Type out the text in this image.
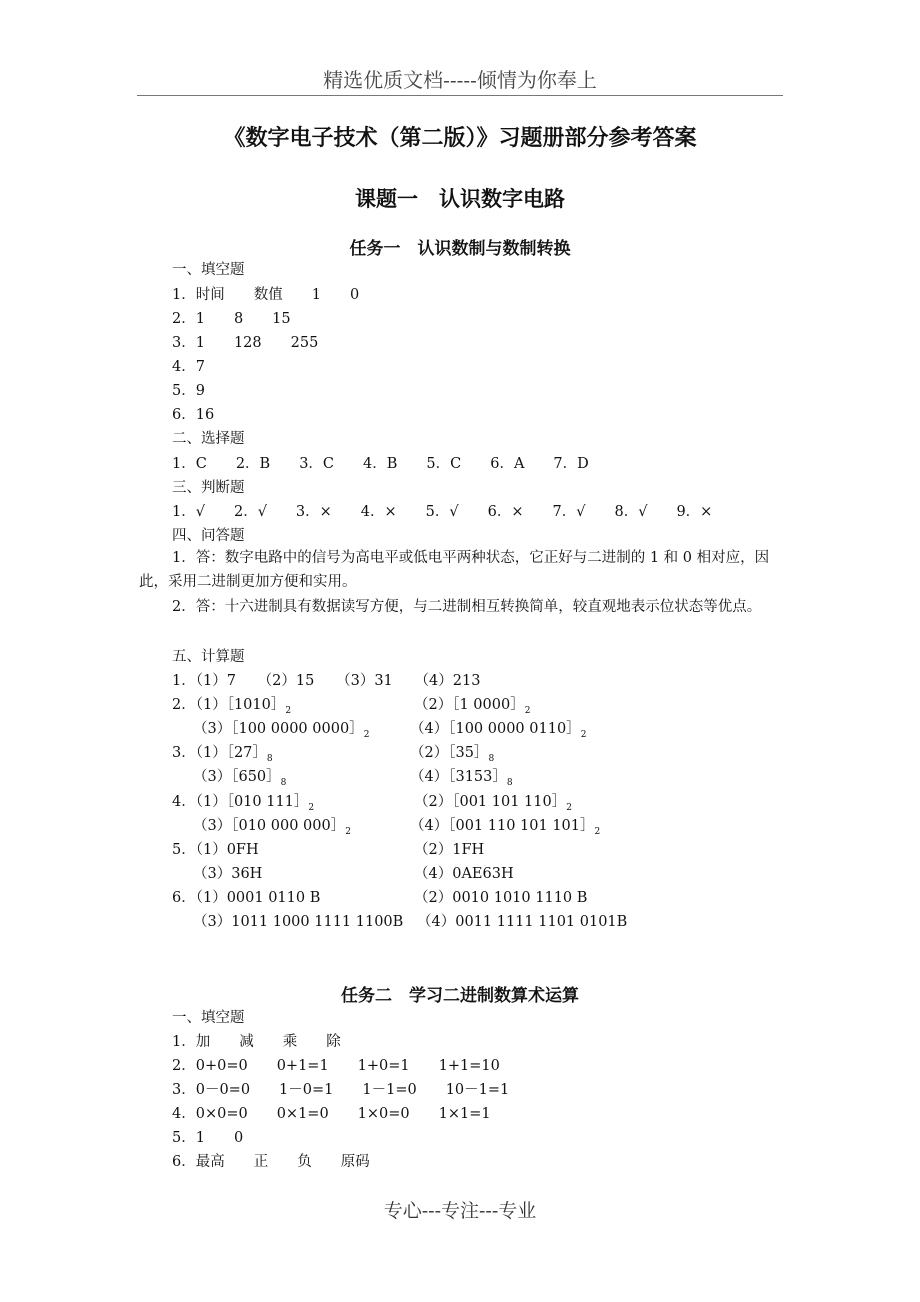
精选优质文档-----倾情为你奉上
《数字电子技术（第二版）》习题册部分参考答案
课题一　认识数字电路
任务一　认识数制与数制转换
一、填空题
1．时间　　数值　　1　　0
2．1　　8　　15
3．1　　128　　255
4．7
5．9
6．16
二、选择题
1．C　　2．B　　3．C　　4．B　　5．C　　6．A　　7．D
三、判断题
1．√　　2．√　　3．×　　4．×　　5．√　　6．×　　7．√　　8．√　　9．×
四、问答题
1．答：数字电路中的信号为高电平或低电平两种状态，它正好与二进制的 1 和 0 相对应，因此，采用二进制更加方便和实用。
2．答：十六进制具有数据读写方便，与二进制相互转换简单，较直观地表示位状态等优点。
五、计算题
1．（1）7　　（2）15　　（3）31　　（4）213
2．$(1)[1010]_2$	（2）［1 $0000]_2$
（3）［100 0000 $0000]_2$	（4）［100 0000 $0110]_2$
3．$(1)[27]_8$	$(2)[35]_8$
$(3)[650]_8$	$(4)[3153]_8$
4．（1）［010 $111]_2$	（2）［001 101 $110]_2$
（3）［010 000 $000]_2$	（4）［001 110 101 $101]_2$
5．（1）0FH	（2）1FH
（3）36H	（4）0AE63H
6．（1）0001 0110 B	（2）0010 1010 1110 B
（3）1011 1000 1111 1100B （4）0011 1111 1101 0101B
任务二　学习二进制数算术运算
一、填空题
1．加　　减　　乘　　除
2．0+0=0　　0+1=1　　1+0=1　　1+1=10
3．0－0=0　　1－0=1　　1－1=0　　10－1=1
4．0×0=0　　0×1=0　　1×0=0　　1×1=1
5．1　　0
6．最高　　正　　负　　原码
专心---专注---专业
